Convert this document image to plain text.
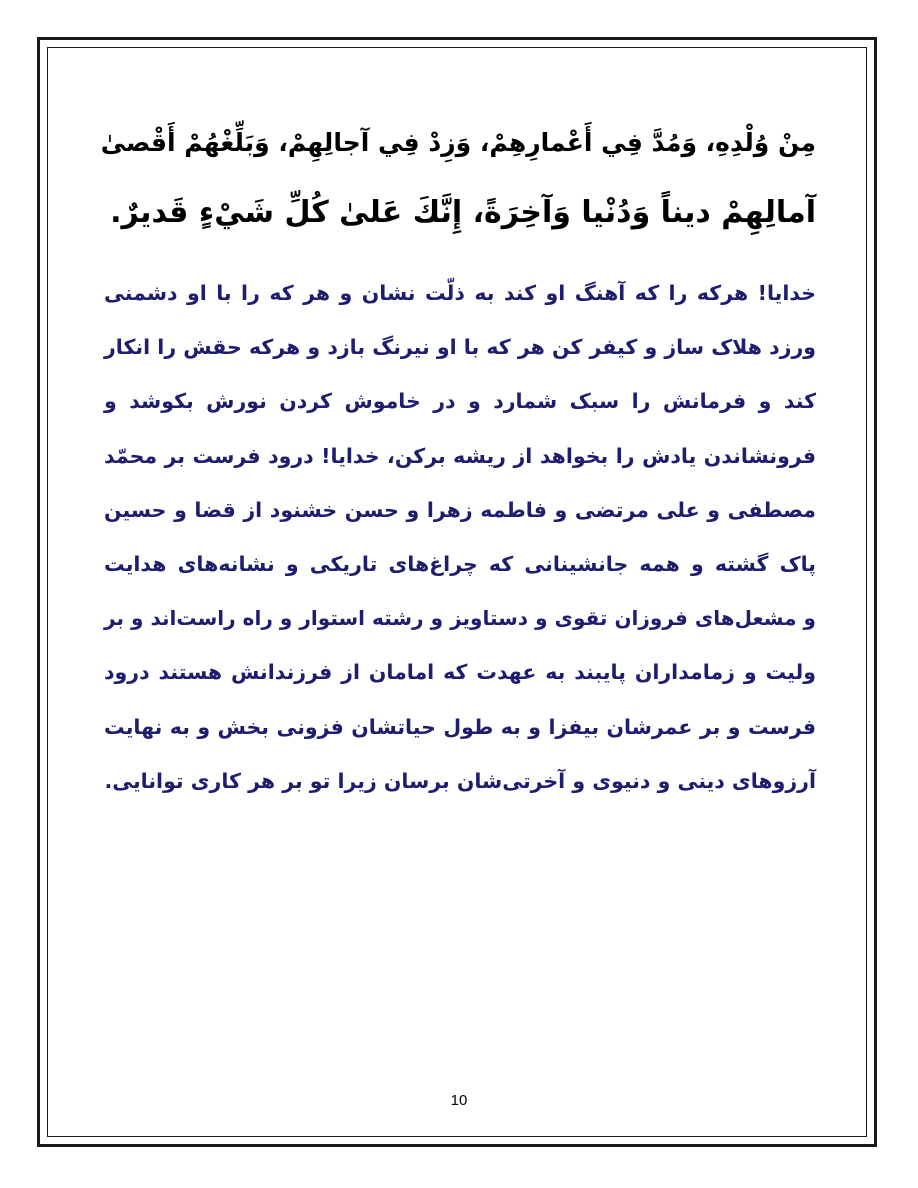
مِنْ وُلْدِهِ، وَمُدَّ فِي أَعْمارِهِمْ، وَزِدْ فِي آجالِهِمْ، وَبَلِّغْهُمْ أَقْصىٰ
آمالِهِمْ ديناً وَدُنْيا وَآخِرَةً، إِنَّكَ عَلىٰ كُلِّ شَيْءٍ قَديرٌ.
خدایا! هرکه را که آهنگ او کند به ذلّت نشان و هر که را با او دشمنی
ورزد هلاک ساز و کیفر کن هر که با او نیرنگ بازد و هرکه حقش را انکار
کند و فرمانش را سبک شمارد و در خاموش کردن نورش بکوشد و
فرونشاندن یادش را بخواهد از ریشه برکن، خدایا! درود فرست بر محمّد
مصطفی و علی مرتضی و فاطمه زهرا و حسن خشنود از قضا و حسین
پاک گشته و همه جانشینانی که چراغ‌های تاریکی و نشانه‌های هدایت
و مشعل‌های فروزان تقوی و دستاویز و رشته استوار و راه راست‌اند و بر
ولیت و زمامداران پایبند به عهدت که امامان از فرزندانش هستند درود
فرست و بر عمرشان بیفزا و به طول حیاتشان فزونی بخش و به نهایت
آرزوهای دینی و دنیوی و آخرتی‌شان برسان زیرا تو بر هر کاری توانایی.
10
